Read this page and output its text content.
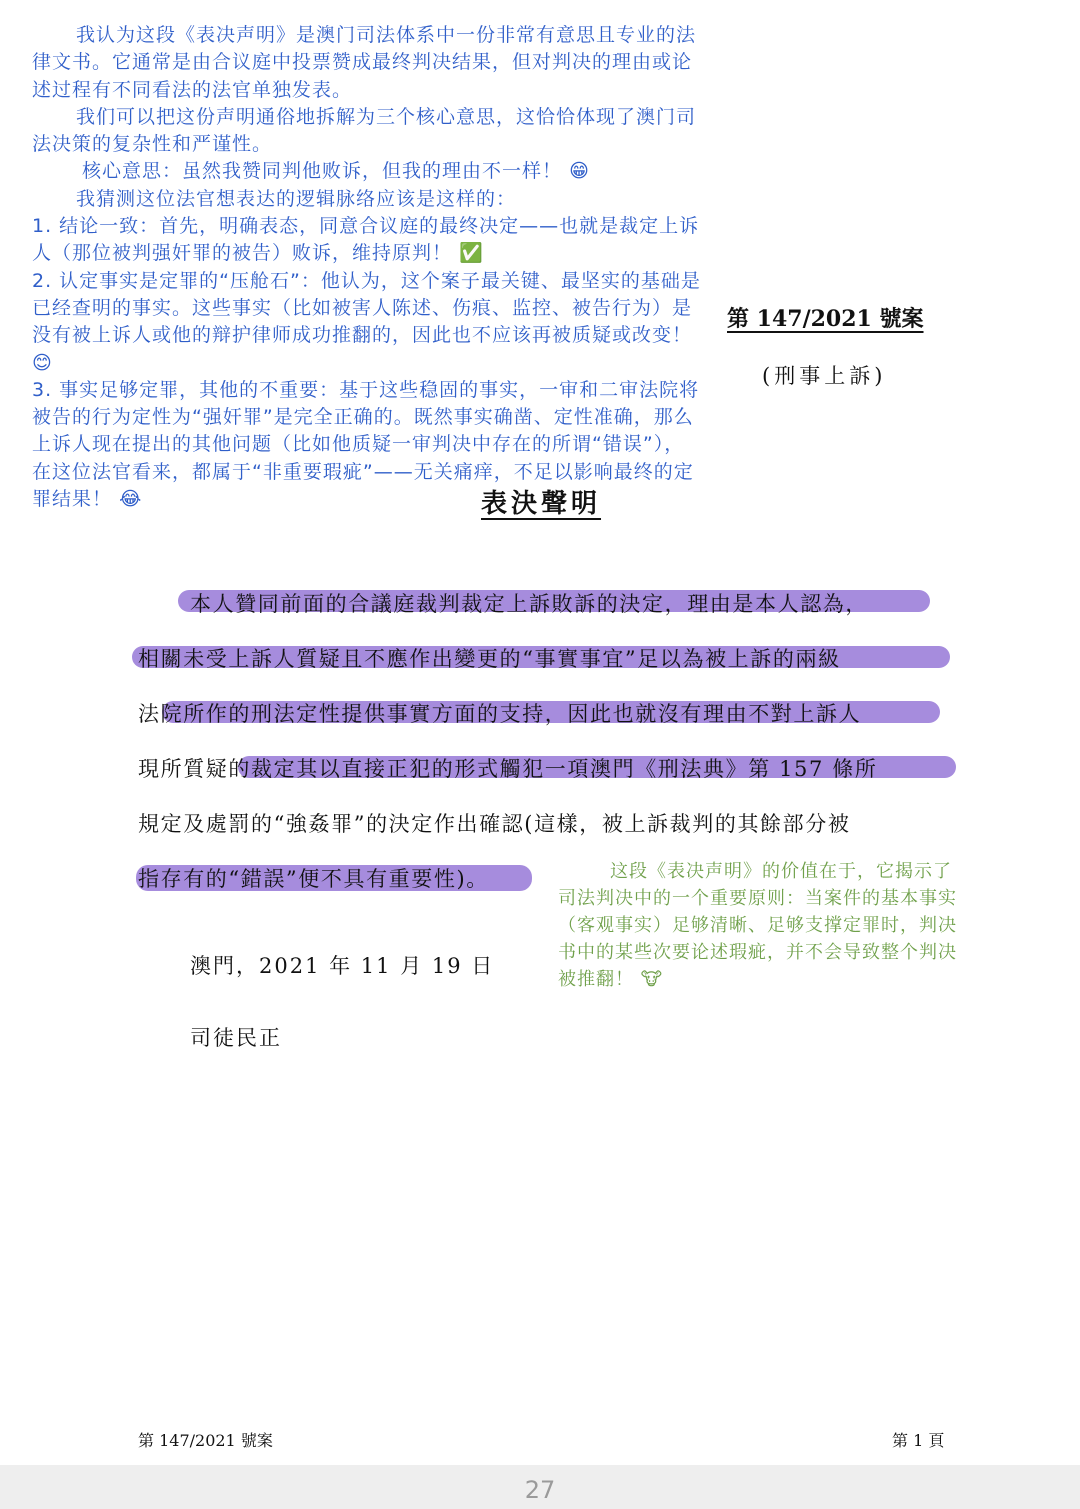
我认为这段《表决声明》是澳门司法体系中一份非常有意思且专业的法律文书。它通常是由合议庭中投票赞成最终判决结果，但对判决的理由或论述过程有不同看法的法官单独发表。

我们可以把这份声明通俗地拆解为三个核心意思，这恰恰体现了澳门司法决策的复杂性和严谨性。

核心意思：虽然我赞同判他败诉，但我的理由不一样！ 😁

我猜测这位法官想表达的逻辑脉络应该是这样的：

1. 结论一致：首先，明确表态，同意合议庭的最终决定——也就是裁定上诉人（那位被判强奸罪的被告）败诉，维持原判！ ✅

2. 认定事实是定罪的“压舱石”：他认为，这个案子最关键、最坚实的基础是已经查明的事实。这些事实（比如被害人陈述、伤痕、监控、被告行为）是没有被上诉人或他的辩护律师成功推翻的，因此也不应该再被质疑或改变！ 😊

3. 事实足够定罪，其他的不重要：基于这些稳固的事实，一审和二审法院将被告的行为定性为“强奸罪”是完全正确的。既然事实确凿、定性准确，那么上诉人现在提出的其他问题（比如他质疑一审判决中存在的所谓“错误”），在这位法官看来，都属于“非重要瑕疵”——无关痛痒，不足以影响最终的定罪结果！ 😂

第 147/2021 號案
(刑事上訴)
表決聲明
本人贊同前面的合議庭裁判裁定上訴敗訴的決定，理由是本人認為，
相關未受上訴人質疑且不應作出變更的“事實事宜”足以為被上訴的兩級
法院所作的刑法定性提供事實方面的支持，因此也就沒有理由不對上訴人
現所質疑的裁定其以直接正犯的形式觸犯一項澳門《刑法典》第 157 條所
規定及處罰的“強姦罪”的決定作出確認(這樣，被上訴裁判的其餘部分被
指存有的“錯誤”便不具有重要性)。	这段《表决声明》的价值在于，它揭示了司法判决中的一个重要原则：当案件的基本事实（客观事实）足够清晰、足够支撑定罪时，判决书中的某些次要论述瑕疵，并不会导致整个判决被推翻！ 🐮
澳門，2021 年 11 月 19 日
司徒民正
第 147/2021 號案	第 1 頁
27
